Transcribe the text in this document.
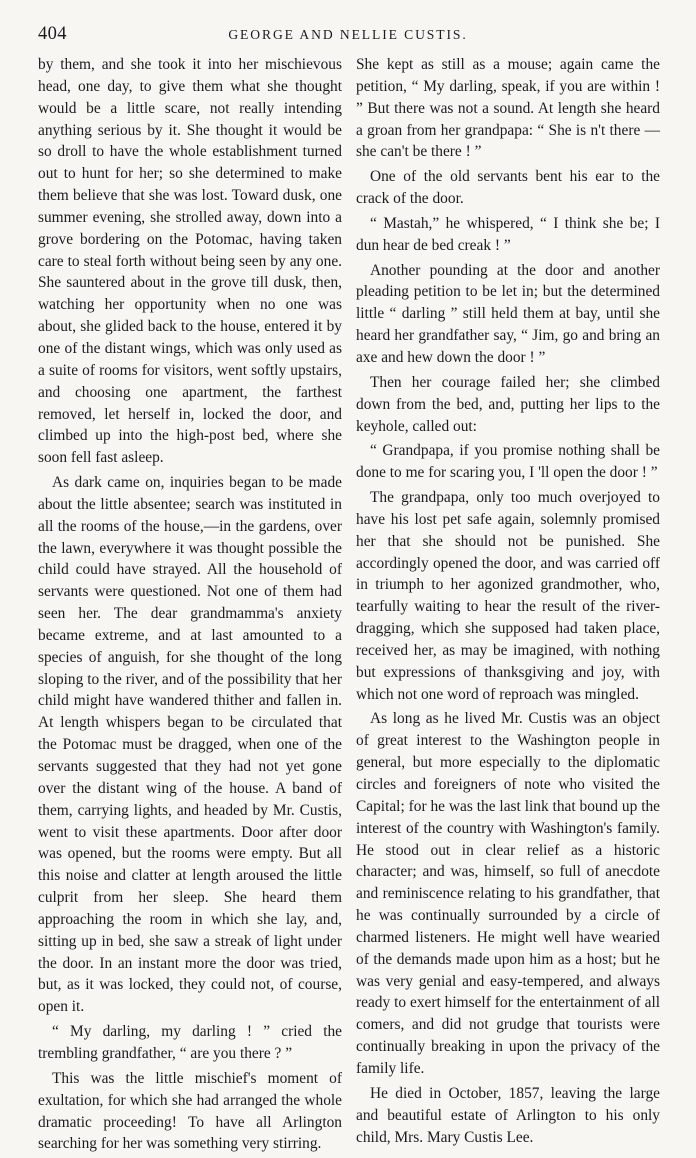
404	GEORGE AND NELLIE CUSTIS.

by them, and she took it into her mischievous head, one day, to give them what she thought would be a little scare, not really intending anything serious by it. She thought it would be so droll to have the whole establishment turned out to hunt for her; so she determined to make them believe that she was lost. Toward dusk, one summer evening, she strolled away, down into a grove bordering on the Potomac, having taken care to steal forth without being seen by any one. She sauntered about in the grove till dusk, then, watching her opportunity when no one was about, she glided back to the house, entered it by one of the distant wings, which was only used as a suite of rooms for visitors, went softly upstairs, and choosing one apartment, the farthest removed, let herself in, locked the door, and climbed up into the high-post bed, where she soon fell fast asleep.

As dark came on, inquiries began to be made about the little absentee; search was instituted in all the rooms of the house,—in the gardens, over the lawn, everywhere it was thought possible the child could have strayed. All the household of servants were questioned. Not one of them had seen her. The dear grandmamma's anxiety became extreme, and at last amounted to a species of anguish, for she thought of the long sloping to the river, and of the possibility that her child might have wandered thither and fallen in. At length whispers began to be circulated that the Potomac must be dragged, when one of the servants suggested that they had not yet gone over the distant wing of the house. A band of them, carrying lights, and headed by Mr. Custis, went to visit these apartments. Door after door was opened, but the rooms were empty. But all this noise and clatter at length aroused the little culprit from her sleep. She heard them approaching the room in which she lay, and, sitting up in bed, she saw a streak of light under the door. In an instant more the door was tried, but, as it was locked, they could not, of course, open it.

“ My darling, my darling ! ” cried the trembling grandfather, “ are you there ? ”

This was the little mischief's moment of exultation, for which she had arranged the whole dramatic proceeding! To have all Arlington searching for her was something very stirring.

She kept as still as a mouse; again came the petition, “ My darling, speak, if you are within ! ” But there was not a sound. At length she heard a groan from her grandpapa: “ She is n't there — she can't be there ! ”

One of the old servants bent his ear to the crack of the door.

“ Mastah,” he whispered, “ I think she be; I dun hear de bed creak ! ”

Another pounding at the door and another pleading petition to be let in; but the determined little “ darling ” still held them at bay, until she heard her grandfather say, “ Jim, go and bring an axe and hew down the door ! ”

Then her courage failed her; she climbed down from the bed, and, putting her lips to the keyhole, called out:

“ Grandpapa, if you promise nothing shall be done to me for scaring you, I 'll open the door ! ”

The grandpapa, only too much overjoyed to have his lost pet safe again, solemnly promised her that she should not be punished. She accordingly opened the door, and was carried off in triumph to her agonized grandmother, who, tearfully waiting to hear the result of the river-dragging, which she supposed had taken place, received her, as may be imagined, with nothing but expressions of thanksgiving and joy, with which not one word of reproach was mingled.

As long as he lived Mr. Custis was an object of great interest to the Washington people in general, but more especially to the diplomatic circles and foreigners of note who visited the Capital; for he was the last link that bound up the interest of the country with Washington's family. He stood out in clear relief as a historic character; and was, himself, so full of anecdote and reminiscence relating to his grandfather, that he was continually surrounded by a circle of charmed listeners. He might well have wearied of the demands made upon him as a host; but he was very genial and easy-tempered, and always ready to exert himself for the entertainment of all comers, and did not grudge that tourists were continually breaking in upon the privacy of the family life.

He died in October, 1857, leaving the large and beautiful estate of Arlington to his only child, Mrs. Mary Custis Lee.
